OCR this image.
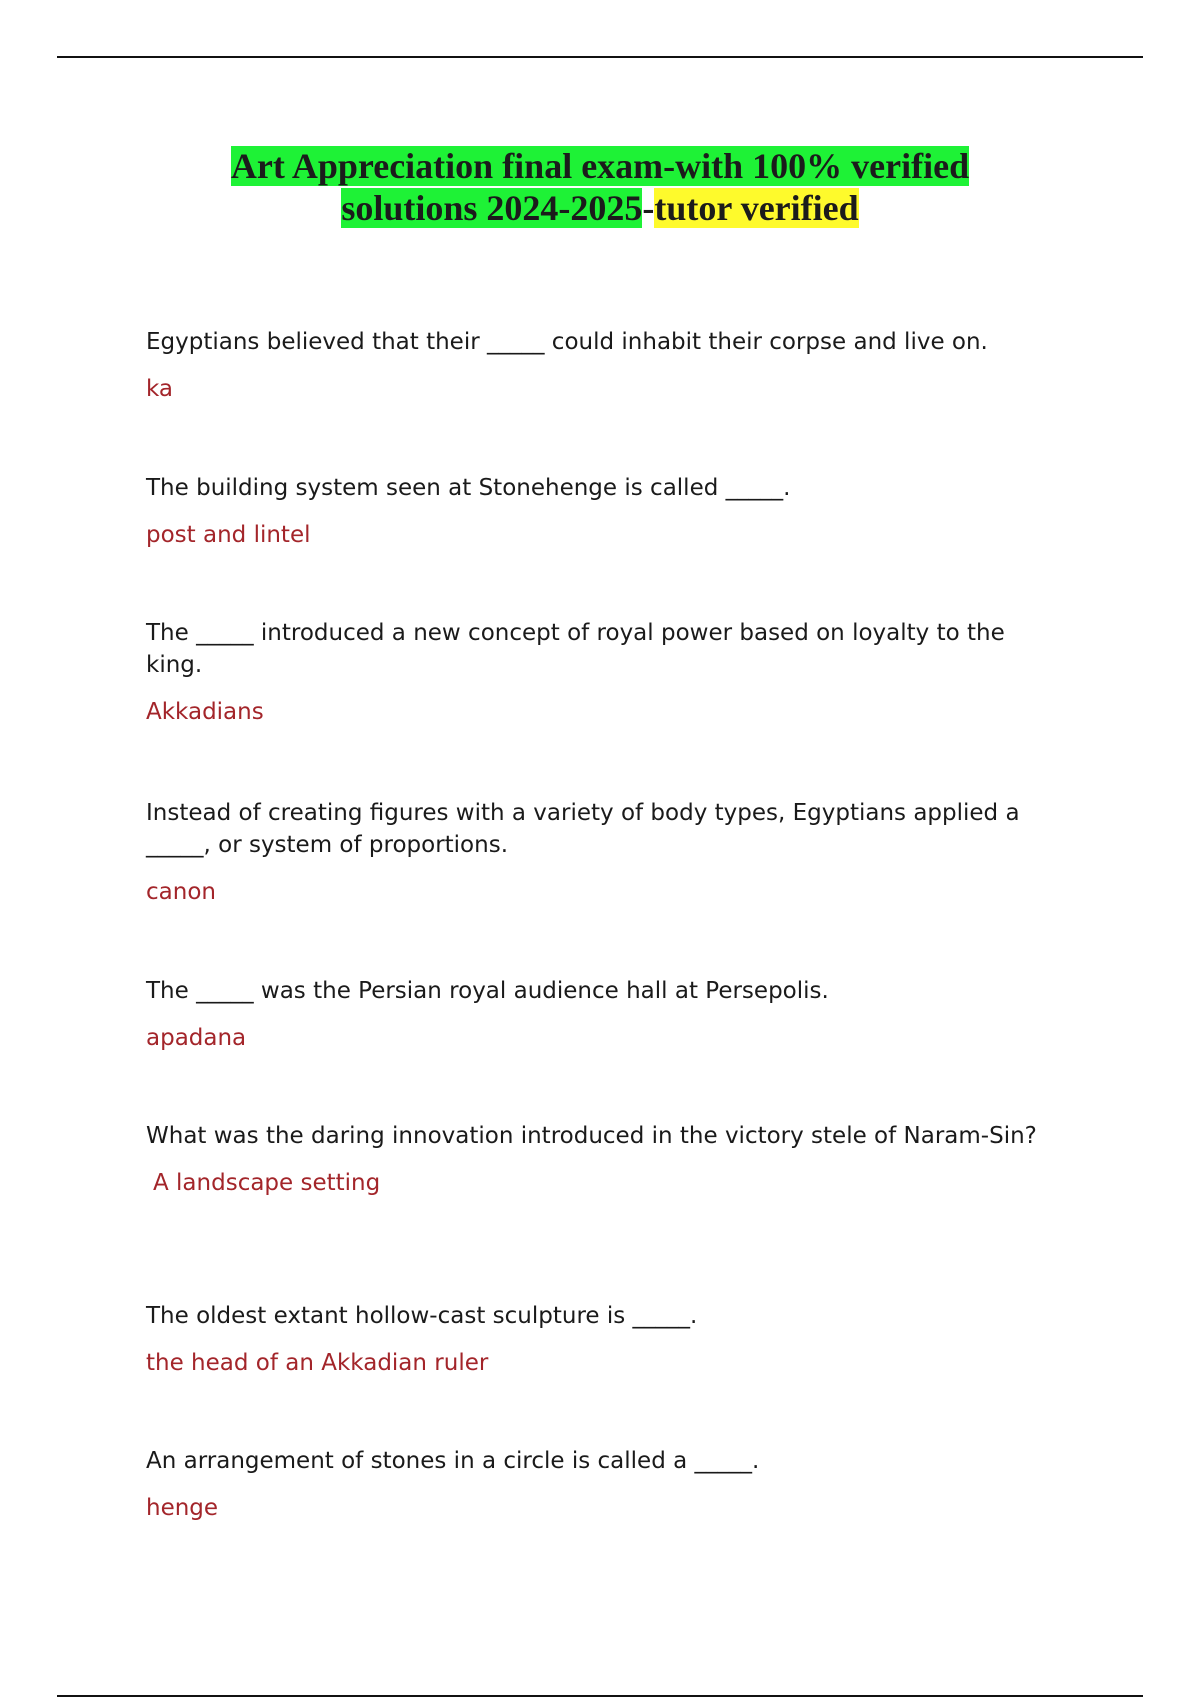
Art Appreciation final exam-with 100% verified
solutions 2024-2025-tutor verified

Egyptians believed that their _____ could inhabit their corpse and live on.

ka

The building system seen at Stonehenge is called _____.

post and lintel

The _____ introduced a new concept of royal power based on loyalty to the king.

Akkadians

Instead of creating figures with a variety of body types, Egyptians applied a _____, or system of proportions.

canon

The _____ was the Persian royal audience hall at Persepolis.

apadana

What was the daring innovation introduced in the victory stele of Naram-Sin?

A landscape setting

The oldest extant hollow-cast sculpture is _____.

the head of an Akkadian ruler

An arrangement of stones in a circle is called a _____.

henge
